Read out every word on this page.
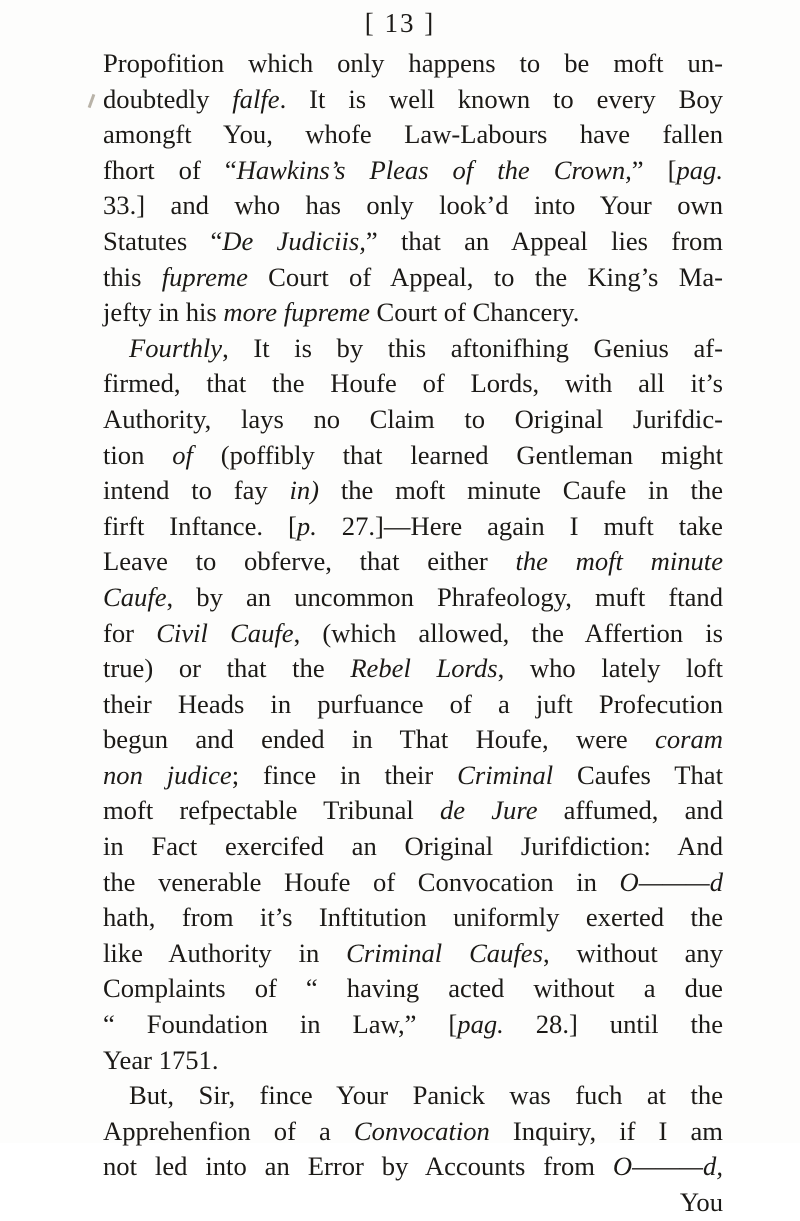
[ 13 ]
Propofition which only happens to be moft un-
doubtedly falfe. It is well known to every Boy
amongft You, whofe Law-Labours have fallen
fhort of “Hawkins’s Pleas of the Crown,” [pag.
33.] and who has only look’d into Your own
Statutes “De Judiciis,” that an Appeal lies from
this fupreme Court of Appeal, to the King’s Ma-
jefty in his more fupreme Court of Chancery.
Fourthly, It is by this aftonifhing Genius af-
firmed, that the Houfe of Lords, with all it’s
Authority, lays no Claim to Original Jurifdic-
tion of (poffibly that learned Gentleman might
intend to fay in) the moft minute Caufe in the
firft Inftance. [p. 27.]—Here again I muft take
Leave to obferve, that either the moft minute
Caufe, by an uncommon Phrafeology, muft ftand
for Civil Caufe, (which allowed, the Affertion is
true) or that the Rebel Lords, who lately loft
their Heads in purfuance of a juft Profecution
begun and ended in That Houfe, were coram
non judice; fince in their Criminal Caufes That
moft refpectable Tribunal de Jure affumed, and
in Fact exercifed an Original Jurifdiction: And
the venerable Houfe of Convocation in O———d
hath, from it’s Inftitution uniformly exerted the
like Authority in Criminal Caufes, without any
Complaints of “ having acted without a due
“ Foundation in Law,” [pag. 28.] until the
Year 1751.
But, Sir, fince Your Panick was fuch at the
Apprehenfion of a Convocation Inquiry, if I am
not led into an Error by Accounts from O———d,
You
